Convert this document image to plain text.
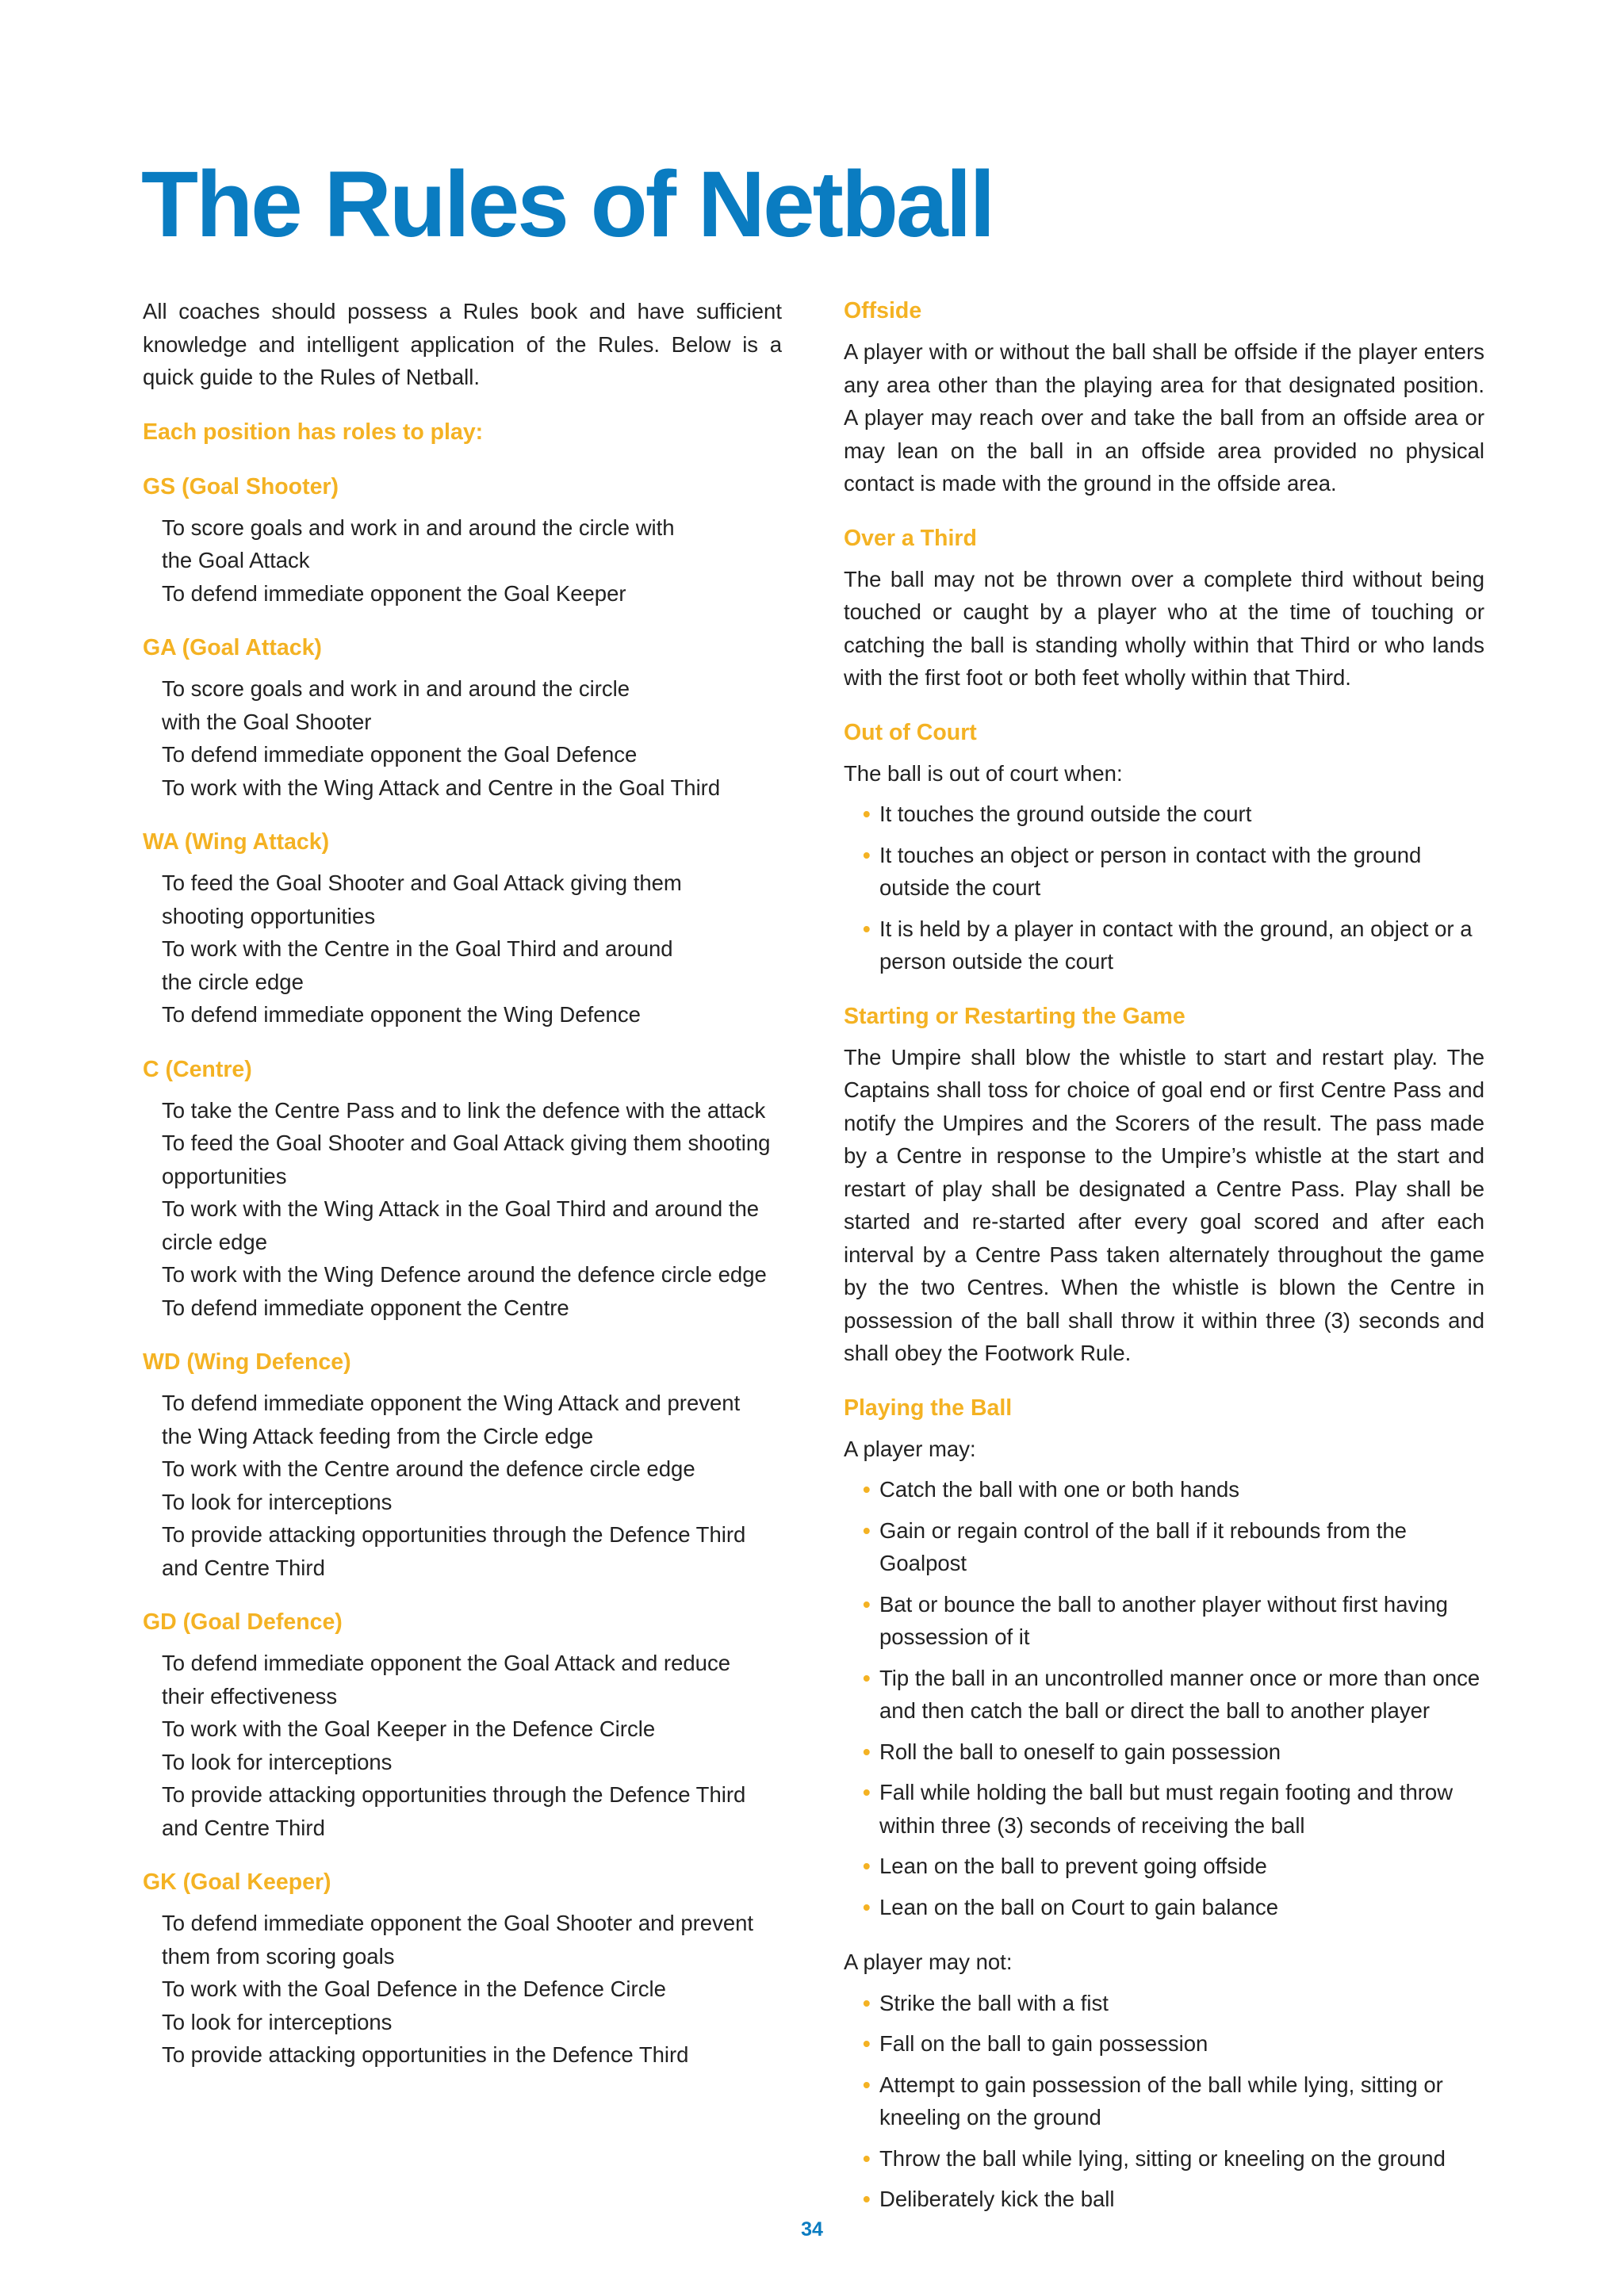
The Rules of Netball

All coaches should possess a Rules book and have sufficient knowledge and intelligent application of the Rules. Below is a quick guide to the Rules of Netball.

Each position has roles to play:
GS (Goal Shooter)
To score goals and work in and around the circle with
the Goal Attack
To defend immediate opponent the Goal Keeper
GA (Goal Attack)
To score goals and work in and around the circle
with the Goal Shooter
To defend immediate opponent the Goal Defence
To work with the Wing Attack and Centre in the Goal Third
WA (Wing Attack)
To feed the Goal Shooter and Goal Attack giving them
shooting opportunities
To work with the Centre in the Goal Third and around
the circle edge
To defend immediate opponent the Wing Defence
C (Centre)
To take the Centre Pass and to link the defence with the attack
To feed the Goal Shooter and Goal Attack giving them shooting
opportunities
To work with the Wing Attack in the Goal Third and around the
circle edge
To work with the Wing Defence around the defence circle edge
To defend immediate opponent the Centre
WD (Wing Defence)
To defend immediate opponent the Wing Attack and prevent
the Wing Attack feeding from the Circle edge
To work with the Centre around the defence circle edge
To look for interceptions
To provide attacking opportunities through the Defence Third
and Centre Third
GD (Goal Defence)
To defend immediate opponent the Goal Attack and reduce
their effectiveness
To work with the Goal Keeper in the Defence Circle
To look for interceptions
To provide attacking opportunities through the Defence Third
and Centre Third
GK (Goal Keeper)
To defend immediate opponent the Goal Shooter and prevent
them from scoring goals
To work with the Goal Defence in the Defence Circle
To look for interceptions
To provide attacking opportunities in the Defence Third
Offside

A player with or without the ball shall be offside if the player enters any area other than the playing area for that designated position. A player may reach over and take the ball from an offside area or may lean on the ball in an offside area provided no physical contact is made with the ground in the offside area.

Over a Third

The ball may not be thrown over a complete third without being touched or caught by a player who at the time of touching or catching the ball is standing wholly within that Third or who lands with the first foot or both feet wholly within that Third.

Out of Court

The ball is out of court when:

• It touches the ground outside the court
• It touches an object or person in contact with the ground outside the court
• It is held by a player in contact with the ground, an object or a person outside the court
Starting or Restarting the Game

The Umpire shall blow the whistle to start and restart play. The Captains shall toss for choice of goal end or first Centre Pass and notify the Umpires and the Scorers of the result. The pass made by a Centre in response to the Umpire’s whistle at the start and restart of play shall be designated a Centre Pass. Play shall be started and re-started after every goal scored and after each interval by a Centre Pass taken alternately throughout the game by the two Centres. When the whistle is blown the Centre in possession of the ball shall throw it within three (3) seconds and shall obey the Footwork Rule.

Playing the Ball

A player may:

• Catch the ball with one or both hands
• Gain or regain control of the ball if it rebounds from the Goalpost
• Bat or bounce the ball to another player without first having possession of it
• Tip the ball in an uncontrolled manner once or more than once and then catch the ball or direct the ball to another player
• Roll the ball to oneself to gain possession
• Fall while holding the ball but must regain footing and throw within three (3) seconds of receiving the ball
• Lean on the ball to prevent going offside
• Lean on the ball on Court to gain balance

A player may not:

• Strike the ball with a fist
• Fall on the ball to gain possession
• Attempt to gain possession of the ball while lying, sitting or kneeling on the ground
• Throw the ball while lying, sitting or kneeling on the ground
• Deliberately kick the ball
34
